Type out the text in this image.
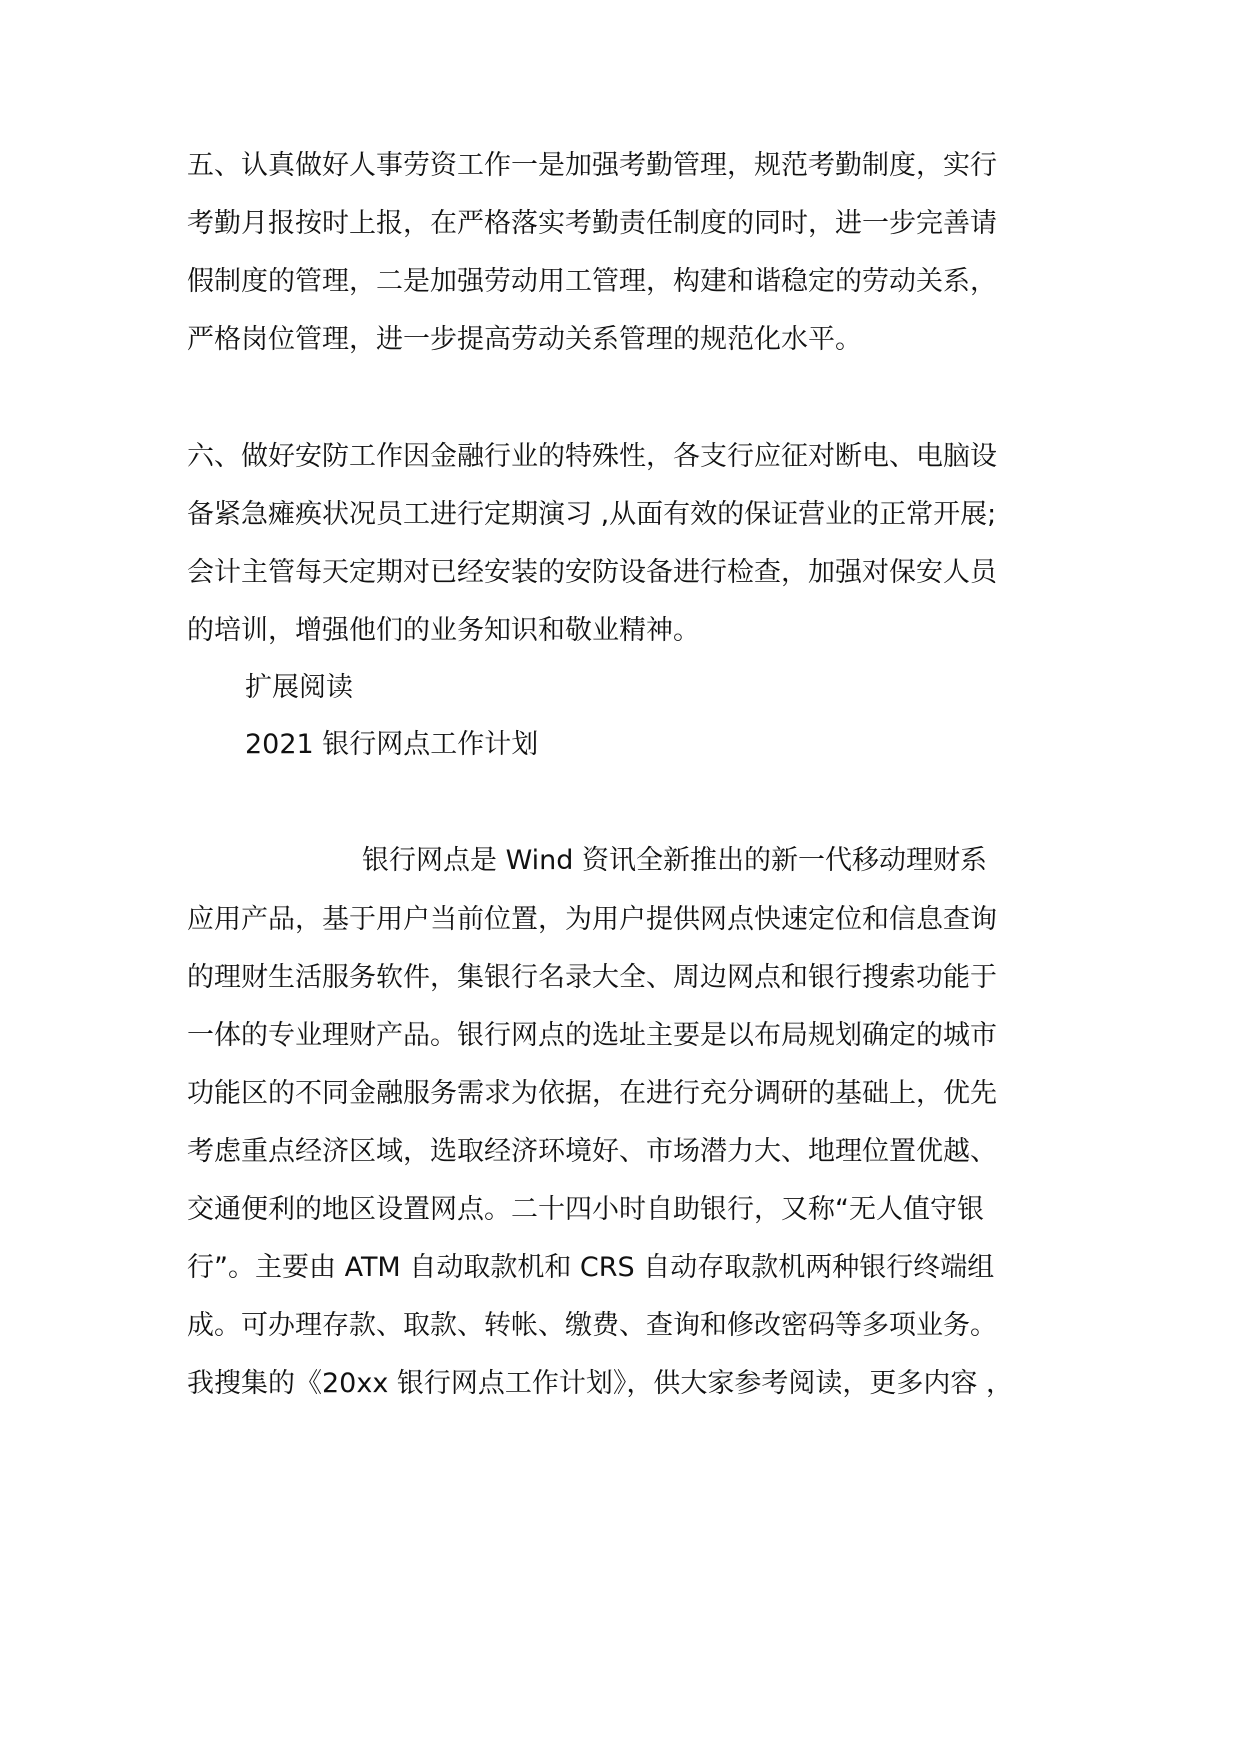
五、认真做好人事劳资工作一是加强考勤管理，规范考勤制度，实行

考勤月报按时上报，在严格落实考勤责任制度的同时，进一步完善请

假制度的管理，二是加强劳动用工管理，构建和谐稳定的劳动关系，

严格岗位管理，进一步提高劳动关系管理的规范化水平。

六、做好安防工作因金融行业的特殊性，各支行应征对断电、电脑设

备紧急瘫痪状况员工进行定期演习 ,从面有效的保证营业的正常开展;

会计主管每天定期对已经安装的安防设备进行检查，加强对保安人员

的培训，增强他们的业务知识和敬业精神。

扩展阅读

2021 银行网点工作计划

银行网点是 Wind 资讯全新推出的新一代移动理财系

应用产品，基于用户当前位置，为用户提供网点快速定位和信息查询

的理财生活服务软件，集银行名录大全、周边网点和银行搜索功能于

一体的专业理财产品。银行网点的选址主要是以布局规划确定的城市

功能区的不同金融服务需求为依据，在进行充分调研的基础上，优先

考虑重点经济区域，选取经济环境好、市场潜力大、地理位置优越、

交通便利的地区设置网点。二十四小时自助银行，又称“无人值守银

行”。主要由 ATM 自动取款机和 CRS 自动存取款机两种银行终端组

成。可办理存款、取款、转帐、缴费、查询和修改密码等多项业务。

我搜集的《20xx 银行网点工作计划》，供大家参考阅读，更多内容 ，
